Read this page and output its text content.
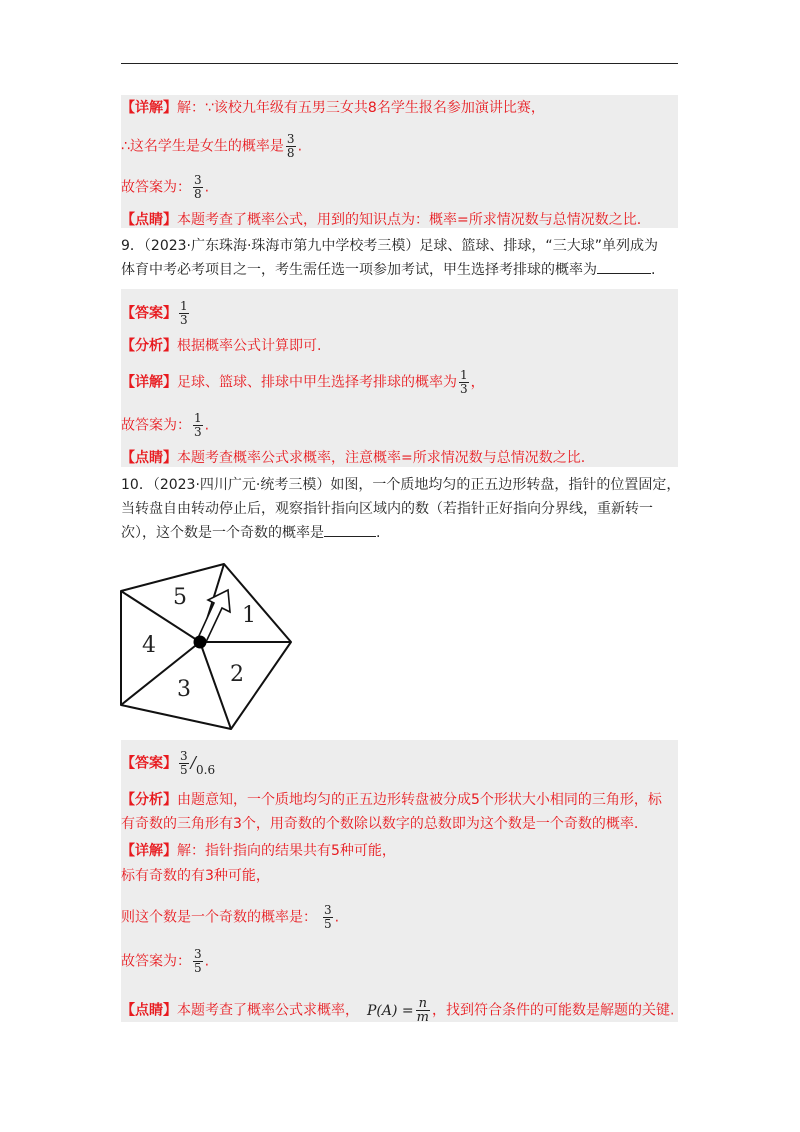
【详解】解：∵该校九年级有五男三女共8名学生报名参加演讲比赛，
∴这名学生是女生的概率是 $\frac{3}{8}$ .
故答案为： $\frac{3}{8}$ .
【点睛】本题考查了概率公式，用到的知识点为：概率=所求情况数与总情况数之比.
9．（2023·广东珠海·珠海市第九中学校考三模）足球、篮球、排球，“三大球”单列成为
体育中考必考项目之一，考生需任选一项参加考试，甲生选择考排球的概率为	.
【答案】 $\frac{1}{3}$
【分析】根据概率公式计算即可.
【详解】足球、篮球、排球中甲生选择考排球的概率为 $\frac{1}{3}$ ，
故答案为： $\frac{1}{3}$ .
【点睛】本题考查概率公式求概率，注意概率=所求情况数与总情况数之比.
10．（2023·四川广元·统考三模）如图，一个质地均匀的正五边形转盘，指针的位置固定，
当转盘自由转动停止后，观察指针指向区域内的数（若指针正好指向分界线，重新转一
次），这个数是一个奇数的概率是	.
1
2
3
4
5
【答案】 $\frac{3}{5} /0.6$
【分析】由题意知，一个质地均匀的正五边形转盘被分成5个形状大小相同的三角形，标
有奇数的三角形有3个，用奇数的个数除以数字的总数即为这个数是一个奇数的概率.
【详解】解：指针指向的结果共有5种可能，
标有奇数的有3种可能，
则这个数是一个奇数的概率是： $\frac{3}{5}$ .
故答案为： $\frac{3}{5}$ .
【点睛】本题考查了概率公式求概率， $P(A) = \frac{n}{m}$ ，找到符合条件的可能数是解题的关键.
